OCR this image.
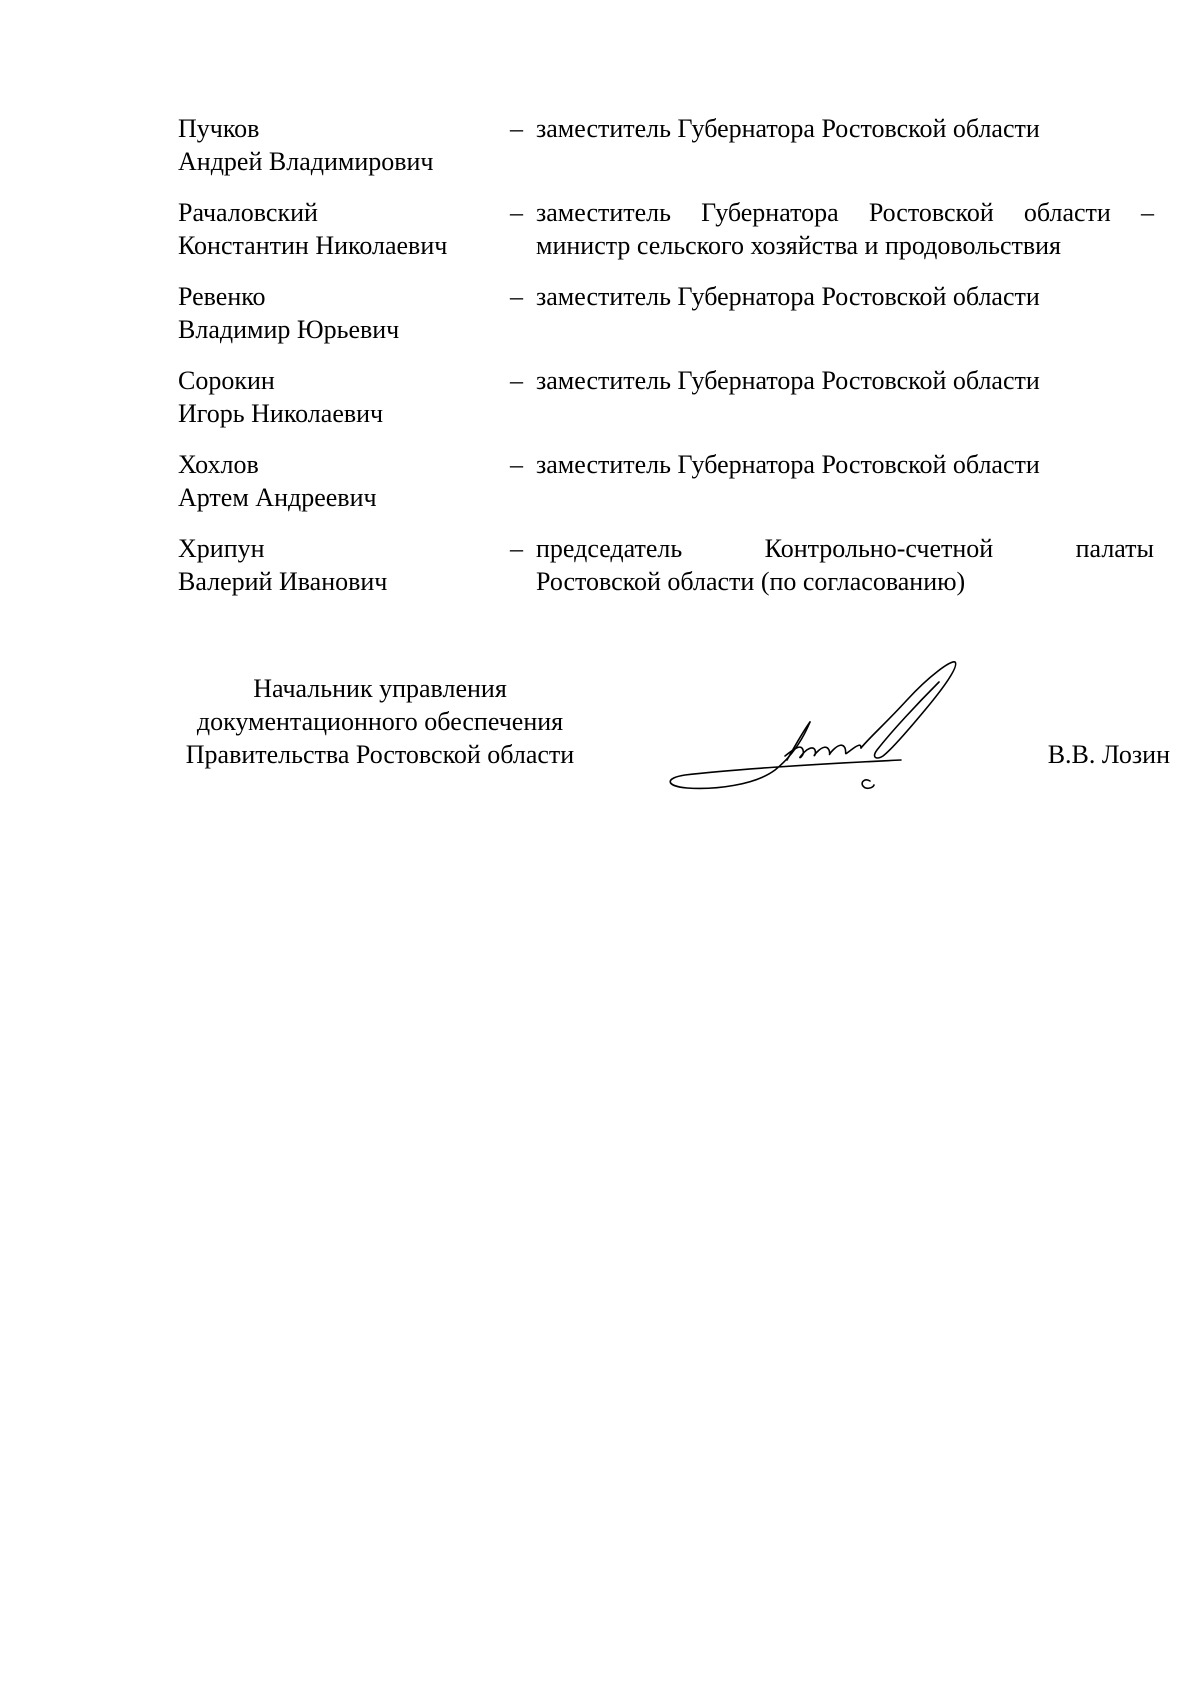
Пучков
Андрей Владимирович
– заместитель Губернатора Ростовской области
Рачаловский
Константин Николаевич
– заместитель Губернатора Ростовской области –
министр сельского хозяйства и продовольствия
Ревенко
Владимир Юрьевич
– заместитель Губернатора Ростовской области
Сорокин
Игорь Николаевич
– заместитель Губернатора Ростовской области
Хохлов
Артем Андреевич
– заместитель Губернатора Ростовской области
Хрипун
Валерий Иванович
– председатель Контрольно-счетной палаты
Ростовской области (по согласованию)
Начальник управления
документационного обеспечения
Правительства Ростовской области	В.В. Лозин
